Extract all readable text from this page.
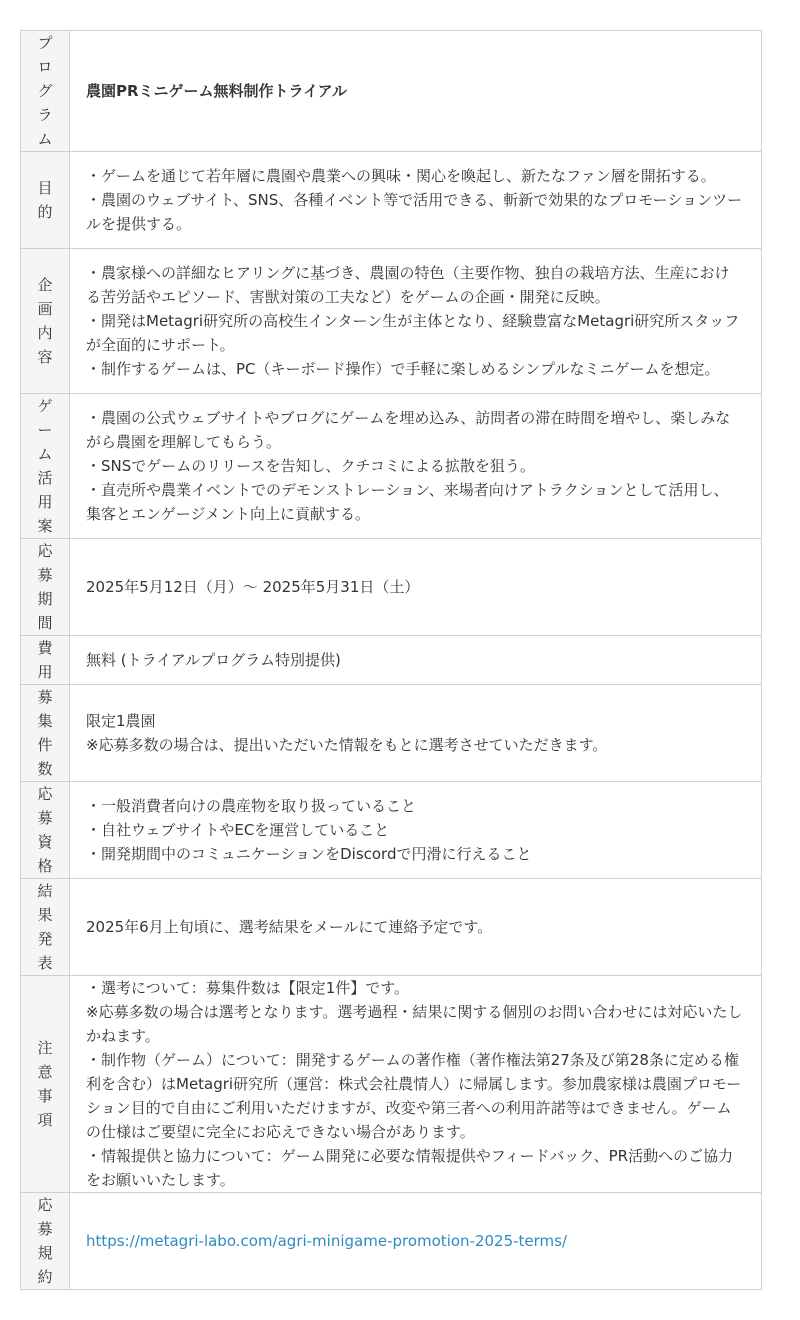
プログラム	農園PRミニゲーム無料制作トライアル

目的	・ゲームを通じて若年層に農園や農業への興味・関心を喚起し、新たなファン層を開拓する。
・農園のウェブサイト、SNS、各種イベント等で活用できる、斬新で効果的なプロモーションツールを提供する。

企画内容	・農家様への詳細なヒアリングに基づき、農園の特色（主要作物、独自の栽培方法、生産における苦労話やエピソード、害獣対策の工夫など）をゲームの企画・開発に反映。
・開発はMetagri研究所の高校生インターン生が主体となり、経験豊富なMetagri研究所スタッフが全面的にサポート。
・制作するゲームは、PC（キーボード操作）で手軽に楽しめるシンプルなミニゲームを想定。

ゲーム活用案	・農園の公式ウェブサイトやブログにゲームを埋め込み、訪問者の滞在時間を増やし、楽しみながら農園を理解してもらう。
・SNSでゲームのリリースを告知し、クチコミによる拡散を狙う。
・直売所や農業イベントでのデモンストレーション、来場者向けアトラクションとして活用し、集客とエンゲージメント向上に貢献する。

応募期間	2025年5月12日（月）〜 2025年5月31日（土）

費用	無料 (トライアルプログラム特別提供)

募集件数	限定1農園
※応募多数の場合は、提出いただいた情報をもとに選考させていただきます。

応募資格	・一般消費者向けの農産物を取り扱っていること
・自社ウェブサイトやECを運営していること
・開発期間中のコミュニケーションをDiscordで円滑に行えること

結果発表	2025年6月上旬頃に、選考結果をメールにて連絡予定です。

注意事項	・選考について：募集件数は【限定1件】です。
※応募多数の場合は選考となります。選考過程・結果に関する個別のお問い合わせには対応いたしかねます。
・制作物（ゲーム）について：開発するゲームの著作権（著作権法第27条及び第28条に定める権利を含む）はMetagri研究所（運営：株式会社農情人）に帰属します。参加農家様は農園プロモーション目的で自由にご利用いただけますが、改変や第三者への利用許諾等はできません。ゲームの仕様はご要望に完全にお応えできない場合があります。
・情報提供と協力について：ゲーム開発に必要な情報提供やフィードバック、PR活動へのご協力をお願いいたします。

応募規約	https://metagri-labo.com/agri-minigame-promotion-2025-terms/
